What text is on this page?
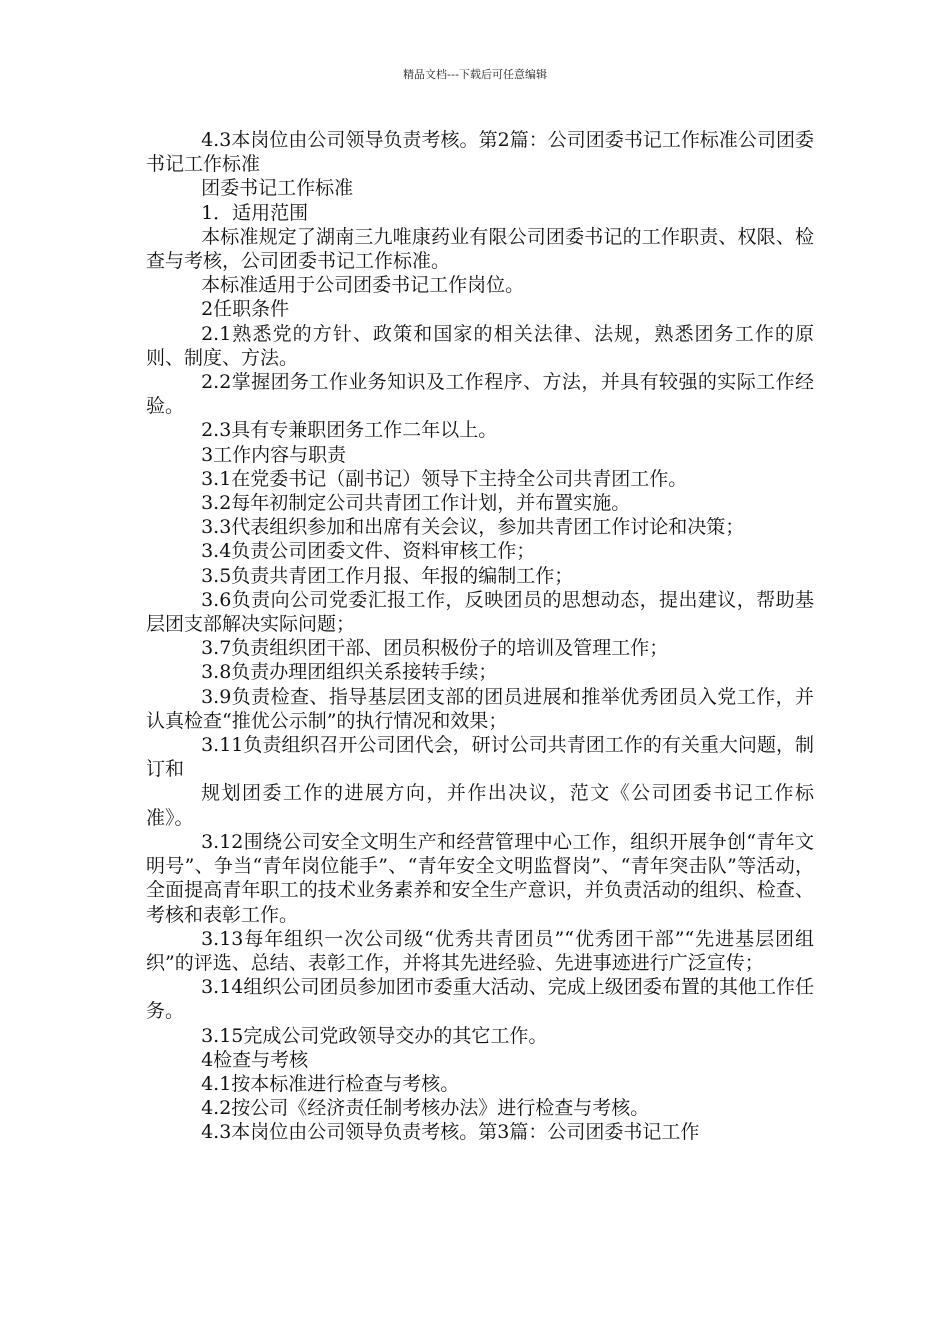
精品文档---下载后可任意编辑

4.3本岗位由公司领导负责考核。第2篇：公司团委书记工作标准公司团委书记工作标准

团委书记工作标准

1．适用范围

本标准规定了湖南三九唯康药业有限公司团委书记的工作职责、权限、检查与考核，公司团委书记工作标准。

本标准适用于公司团委书记工作岗位。

2任职条件

2.1熟悉党的方针、政策和国家的相关法律、法规，熟悉团务工作的原则、制度、方法。

2.2掌握团务工作业务知识及工作程序、方法，并具有较强的实际工作经验。

2.3具有专兼职团务工作二年以上。

3工作内容与职责

3.1在党委书记（副书记）领导下主持全公司共青团工作。

3.2每年初制定公司共青团工作计划，并布置实施。

3.3代表组织参加和出席有关会议，参加共青团工作讨论和决策；

3.4负责公司团委文件、资料审核工作；

3.5负责共青团工作月报、年报的编制工作；

3.6负责向公司党委汇报工作，反映团员的思想动态，提出建议，帮助基层团支部解决实际问题；

3.7负责组织团干部、团员积极份子的培训及管理工作；

3.8负责办理团组织关系接转手续；

3.9负责检查、指导基层团支部的团员进展和推举优秀团员入党工作，并认真检查“推优公示制”的执行情况和效果；

3.11负责组织召开公司团代会，研讨公司共青团工作的有关重大问题，制订和

规划团委工作的进展方向，并作出决议，范文《公司团委书记工作标准》。

3.12围绕公司安全文明生产和经营管理中心工作，组织开展争创“青年文明号”、争当“青年岗位能手”、“青年安全文明监督岗”、“青年突击队”等活动，全面提高青年职工的技术业务素养和安全生产意识，并负责活动的组织、检查、考核和表彰工作。

3.13每年组织一次公司级“优秀共青团员”“优秀团干部”“先进基层团组织”的评选、总结、表彰工作，并将其先进经验、先进事迹进行广泛宣传；

3.14组织公司团员参加团市委重大活动、完成上级团委布置的其他工作任务。

3.15完成公司党政领导交办的其它工作。

4检查与考核

4.1按本标准进行检查与考核。

4.2按公司《经济责任制考核办法》进行检查与考核。

4.3本岗位由公司领导负责考核。第3篇：公司团委书记工作
